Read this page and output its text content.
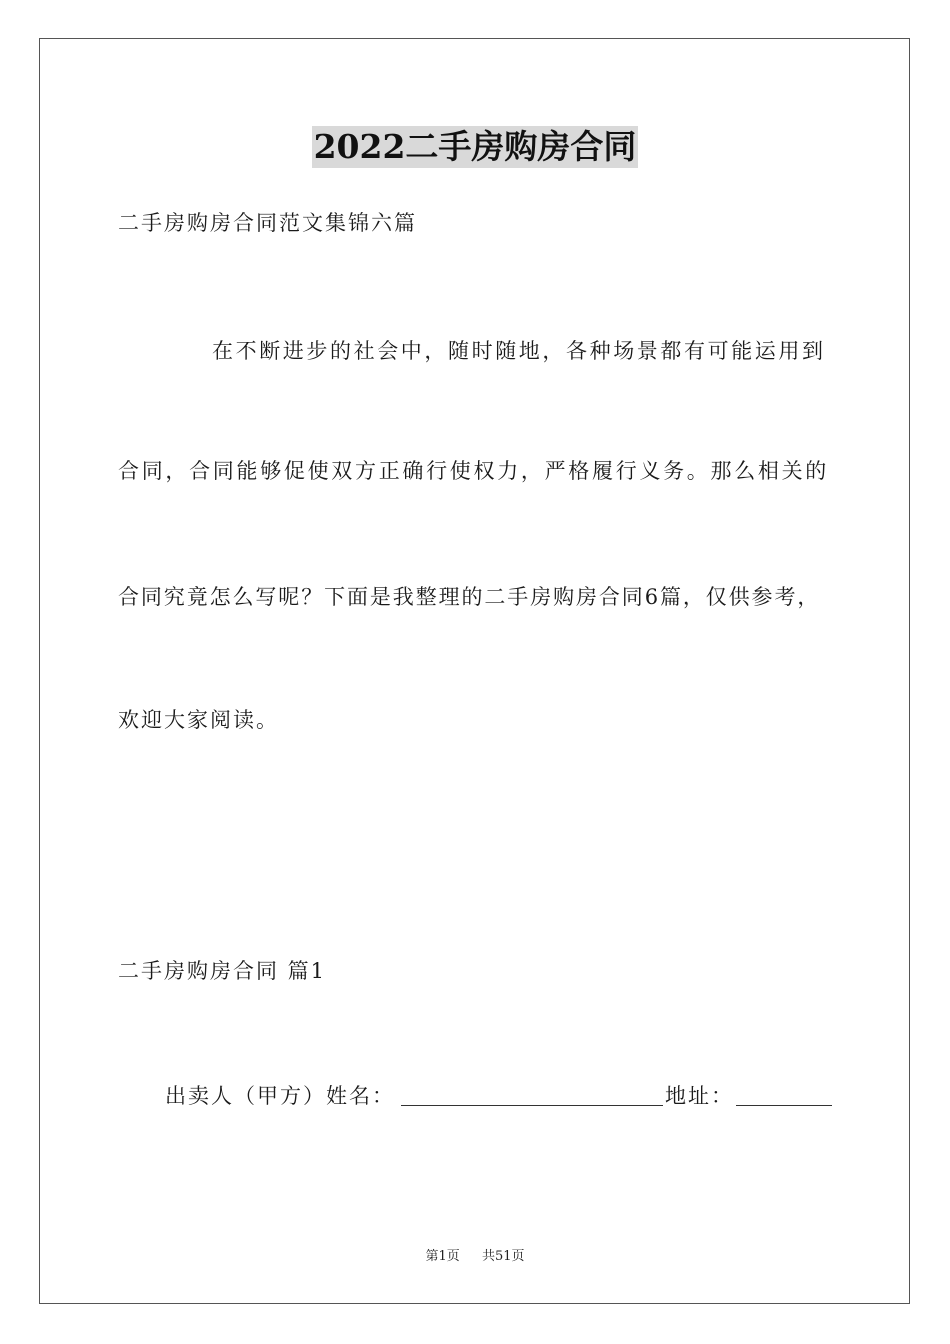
2022二手房购房合同
二手房购房合同范文集锦六篇
在不断进步的社会中，随时随地，各种场景都有可能运用到
合同，合同能够促使双方正确行使权力，严格履行义务。那么相关的
合同究竟怎么写呢？下面是我整理的二手房购房合同6篇，仅供参考，
欢迎大家阅读。
二手房购房合同 篇1
出卖人（甲方）姓名：	地址：
第1页 共51页
